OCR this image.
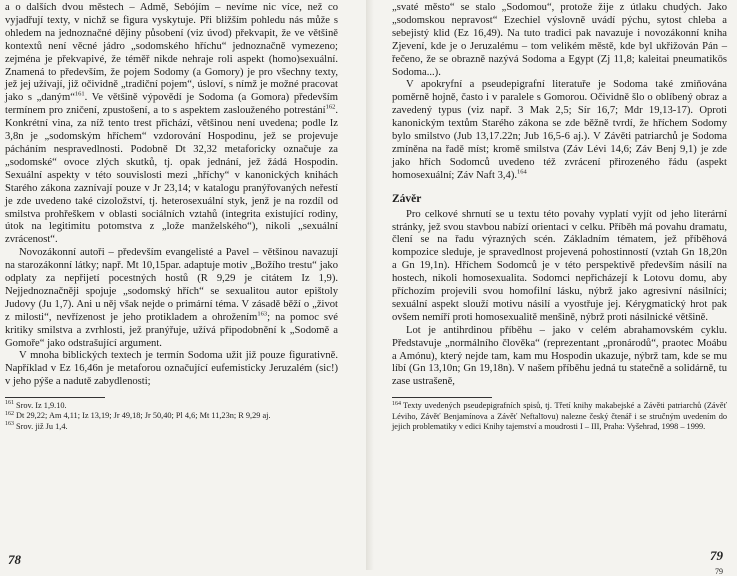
a o dalších dvou městech – Admě, Sebójím – nevíme nic více, než co vyjadřují texty, v nichž se figura vyskytuje. Při bližším pohledu nás může s ohledem na jednoznačné dějiny působení (viz úvod) překvapit, že ve většině kontextů není věcné jádro „sodomského hříchu“ jednoznačně vymezeno; zejména je překvapivé, že téměř nikde nehraje roli aspekt (homo)sexuální. Znamená to především, že pojem Sodomy (a Gomory) je pro všechny texty, jež jej užívají, již očividně „tradiční pojem“, úsloví, s nímž je možné pracovat jako s „daným“$^{161}$. Ve většině výpovědí je Sodoma (a Gomora) především termínem pro zničení, zpustošení, a to s aspektem zaslouženého potrestání$^{162}$. Konkrétní vina, za níž tento trest přichází, většinou není uvedena; podle Iz 3,8n je „sodomským hříchem“ vzdorování Hospodinu, jež se projevuje pácháním nespravedlnosti. Podobně Dt 32,32 metaforicky označuje za „sodomské“ ovoce zlých skutků, tj. opak jednání, jež žádá Hospodin. Sexuální aspekty v této souvislosti mezi „hříchy“ v kanonických knihách Starého zákona zaznívají pouze v Jr 23,14; v katalogu pranýřovaných neřestí je zde uvedeno také cizoložství, tj. heterosexuální styk, jenž je na rozdíl od smilstva prohřeškem v oblasti sociálních vztahů (integrita existující rodiny, útok na legitimitu potomstva z „lože manželského“), nikoli „sexuální zvrácenost“.

Novozákonní autoři – především evangelisté a Pavel – většinou navazují na starozákonní látky; např. Mt 10,15par. adaptuje motiv „Božího trestu“ jako odplaty za nepřijetí pocestných hostů (R 9,29 je citátem Iz 1,9). Nejjednoznačněji spojuje „sodomský hřích“ se sexualitou autor epištoly Judovy (Ju 1,7). Ani u něj však nejde o primární téma. V zásadě běží o „život z milosti“, nevřízenost je jeho protikladem a ohrožením$^{163}$; na pomoc své kritiky smilstva a zvrhlosti, jež pranýřuje, užívá připodobnění k „Sodomě a Gomoře“ jako odstrašující argument.

V mnoha biblických textech je termín Sodoma užit již pouze figurativně. Například v Ez 16,46n je metaforou označující eufemisticky Jeruzalém (sic!) v jeho pýše a nadutě zabydlenosti;

$^{161}$ Srov. Iz 1,9.10.

$^{162}$ Dt 29,22; Am 4,11; Iz 13,19; Jr 49,18; Jr 50,40; Pl 4,6; Mt 11,23n; R 9,29 aj.

$^{163}$ Srov. již Ju 1,4.

78

„svaté město“ se stalo „Sodomou“, protože žije z útlaku chudých. Jako „sodomskou nepravost“ Ezechiel výslovně uvádí pýchu, sytost chleba a sebejistý klid (Ez 16,49). Na tuto tradici pak navazuje i novozákonní kniha Zjevení, kde je o Jeruzalému – tom velikém městě, kde byl ukřižován Pán – řečeno, že se obrazně nazývá Sodoma a Egypt (Zj 11,8; kaleitai pneumatikōs Sodoma...).

V apokryfní a pseudepigrafní literatuře je Sodoma také zmiňována poměrně hojně, často i v paralele s Gomorou. Očividně šlo o oblíbený obraz a zavedený typus (viz např. 3 Mak 2,5; Sír 16,7; Mdr 19,13-17). Oproti kanonickým textům Starého zákona se zde běžně tvrdí, že hříchem Sodomy bylo smilstvo (Jub 13,17.22n; Jub 16,5-6 aj.). V Závěti patriarchů je Sodoma zmíněna na řadě míst; kromě smilstva (Záv Lévi 14,6; Záv Benj 9,1) je zde jako hřích Sodomců uvedeno též zvrácení přirozeného řádu (aspekt homosexuální; Záv Naft 3,4).$^{164}$

Závěr

Pro celkové shrnutí se u textu této povahy vyplatí vyjít od jeho literární stránky, jež svou stavbou nabízí orientaci v celku. Příběh má povahu dramatu, člení se na řadu výrazných scén. Základním tématem, jež příběhová kompozice sleduje, je spravedlnost projevená pohostinností (vztah Gn 18,20n a Gn 19,1n). Hříchem Sodomců je v této perspektivě především násilí na hostech, nikoli homosexualita. Sodomci nepřicházejí k Lotovu domu, aby příchozím projevili svou homofilní lásku, nýbrž jako agresivní násilníci; sexuální aspekt slouží motivu násilí a vyostřuje jej. Kérygmatický hrot pak ovšem nemíří proti homosexualitě menšině, nýbrž proti násilnické většině.

Lot je antihrdinou příběhu – jako v celém abrahamovském cyklu. Představuje „normálního člověka“ (reprezentant „pronárodů“, praotec Moábu a Amónu), který nejde tam, kam mu Hospodin ukazuje, nýbrž tam, kde se mu líbí (Gn 13,10n; Gn 19,18n). V našem příběhu jedná tu statečně a solidárně, tu zase ustrašeně,

$^{164}$ Texty uvedených pseudepigrafních spisů, tj. Třetí knihy makabejské a Závěti patriarchů (Závěť Léviho, Závěť Benjamínova a Závěť Neftalīovu) nalezne český čtenář i se stručným uvedením do jejich problematiky v edici Knihy tajemství a moudrosti I – III, Praha: Vyšehrad, 1998 – 1999.

79
79
